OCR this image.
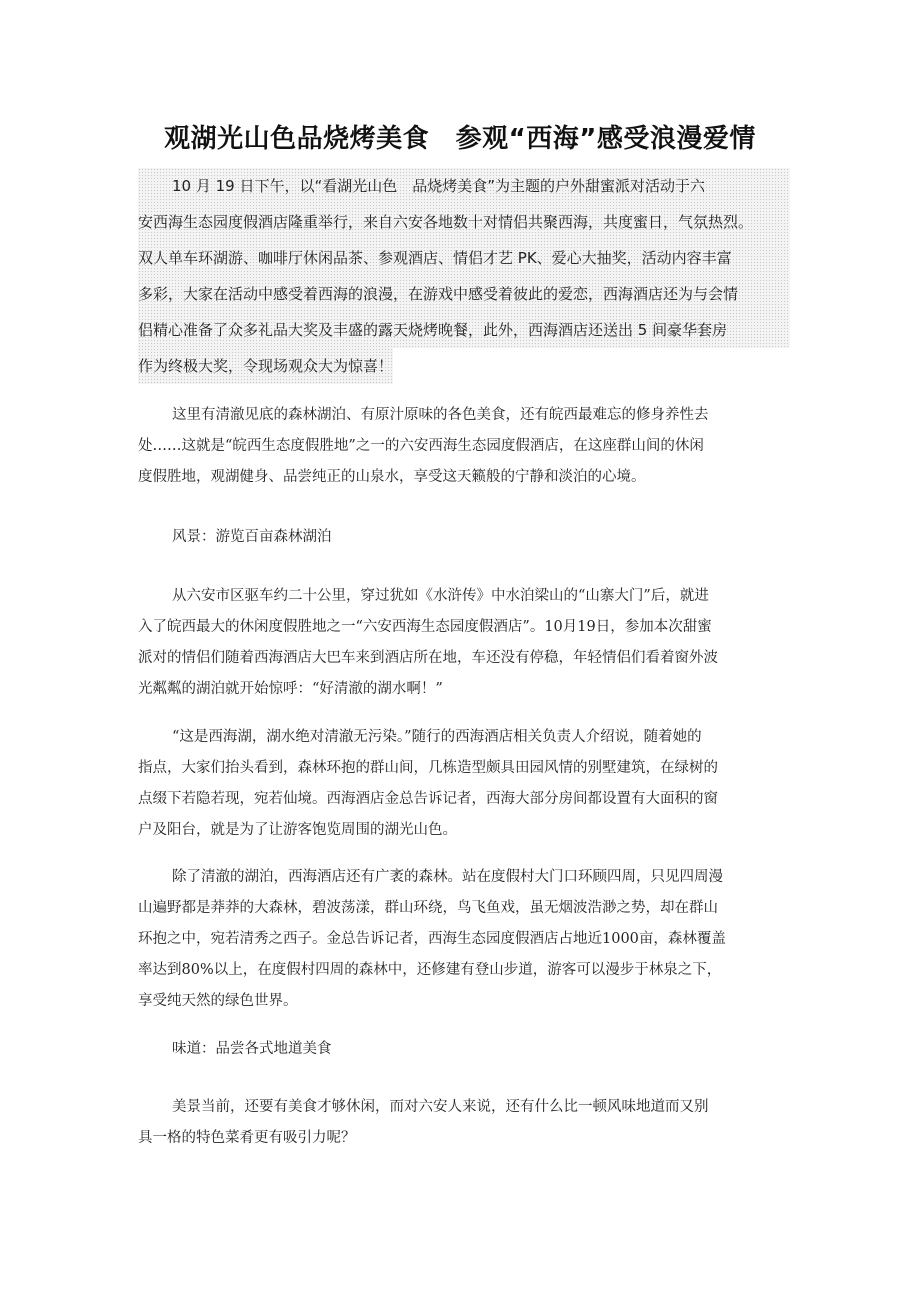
观湖光山色品烧烤美食　参观“西海”感受浪漫爱情
10 月 19 日下午，以“看湖光山色　品烧烤美食”为主题的户外甜蜜派对活动于六
安西海生态园度假酒店隆重举行，来自六安各地数十对情侣共聚西海，共度蜜日，气氛热烈。
双人单车环湖游、咖啡厅休闲品茶、参观酒店、情侣才艺 PK、爱心大抽奖，活动内容丰富
多彩，大家在活动中感受着西海的浪漫，在游戏中感受着彼此的爱恋，西海酒店还为与会情
侣精心准备了众多礼品大奖及丰盛的露天烧烤晚餐，此外，西海酒店还送出 5 间豪华套房
作为终极大奖，令现场观众大为惊喜！
这里有清澈见底的森林湖泊、有原汁原味的各色美食，还有皖西最难忘的修身养性去
处……这就是“皖西生态度假胜地”之一的六安西海生态园度假酒店，在这座群山间的休闲
度假胜地，观湖健身、品尝纯正的山泉水，享受这天籁般的宁静和淡泊的心境。
风景：游览百亩森林湖泊
从六安市区驱车约二十公里，穿过犹如《水浒传》中水泊梁山的“山寨大门”后，就进
入了皖西最大的休闲度假胜地之一“六安西海生态园度假酒店”。10月19日，参加本次甜蜜
派对的情侣们随着西海酒店大巴车来到酒店所在地，车还没有停稳，年轻情侣们看着窗外波
光粼粼的湖泊就开始惊呼：“好清澈的湖水啊！”
“这是西海湖，湖水绝对清澈无污染。”随行的西海酒店相关负责人介绍说，随着她的
指点，大家们抬头看到，森林环抱的群山间，几栋造型颇具田园风情的别墅建筑，在绿树的
点缀下若隐若现，宛若仙境。西海酒店金总告诉记者，西海大部分房间都设置有大面积的窗
户及阳台，就是为了让游客饱览周围的湖光山色。
除了清澈的湖泊，西海酒店还有广袤的森林。站在度假村大门口环顾四周，只见四周漫
山遍野都是莽莽的大森林，碧波荡漾，群山环绕，鸟飞鱼戏，虽无烟波浩渺之势，却在群山
环抱之中，宛若清秀之西子。金总告诉记者，西海生态园度假酒店占地近1000亩，森林覆盖
率达到80%以上，在度假村四周的森林中，还修建有登山步道，游客可以漫步于林泉之下，
享受纯天然的绿色世界。
味道：品尝各式地道美食
美景当前，还要有美食才够休闲，而对六安人来说，还有什么比一顿风味地道而又别
具一格的特色菜肴更有吸引力呢？
